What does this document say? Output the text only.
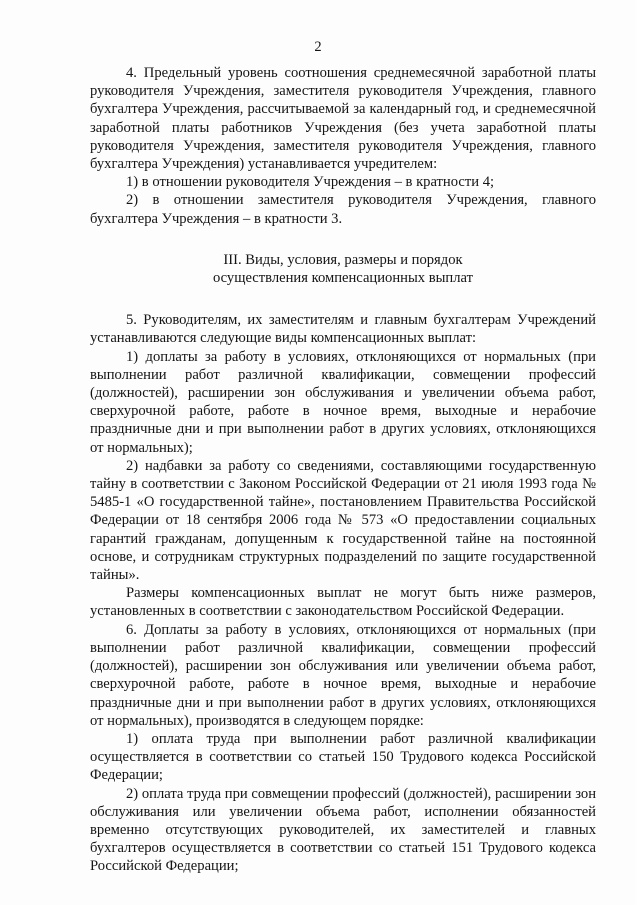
2

4. Предельный уровень соотношения среднемесячной заработной платы руководителя Учреждения, заместителя руководителя Учреждения, главного бухгалтера Учреждения, рассчитываемой за календарный год, и среднемесячной заработной платы работников Учреждения (без учета заработной платы руководителя Учреждения, заместителя руководителя Учреждения, главного бухгалтера Учреждения) устанавливается учредителем:

1) в отношении руководителя Учреждения – в кратности 4;

2) в отношении заместителя руководителя Учреждения, главного бухгалтера Учреждения – в кратности 3.

III. Виды, условия, размеры и порядок
осуществления компенсационных выплат

5. Руководителям, их заместителям и главным бухгалтерам Учреждений устанавливаются следующие виды компенсационных выплат:

1) доплаты за работу в условиях, отклоняющихся от нормальных (при выполнении работ различной квалификации, совмещении профессий (должностей), расширении зон обслуживания и увеличении объема работ, сверхурочной работе, работе в ночное время, выходные и нерабочие праздничные дни и при выполнении работ в других условиях, отклоняющихся от нормальных);

2) надбавки за работу со сведениями, составляющими государственную тайну в соответствии с Законом Российской Федерации от 21 июля 1993 года № 5485-1 «О государственной тайне», постановлением Правительства Российской Федерации от 18 сентября 2006 года № 573 «О предоставлении социальных гарантий гражданам, допущенным к государственной тайне на постоянной основе, и сотрудникам структурных подразделений по защите государственной тайны».

Размеры компенсационных выплат не могут быть ниже размеров, установленных в соответствии с законодательством Российской Федерации.

6. Доплаты за работу в условиях, отклоняющихся от нормальных (при выполнении работ различной квалификации, совмещении профессий (должностей), расширении зон обслуживания или увеличении объема работ, сверхурочной работе, работе в ночное время, выходные и нерабочие праздничные дни и при выполнении работ в других условиях, отклоняющихся от нормальных), производятся в следующем порядке:

1) оплата труда при выполнении работ различной квалификации осуществляется в соответствии со статьей 150 Трудового кодекса Российской Федерации;

2) оплата труда при совмещении профессий (должностей), расширении зон обслуживания или увеличении объема работ, исполнении обязанностей временно отсутствующих руководителей, их заместителей и главных бухгалтеров осуществляется в соответствии со статьей 151 Трудового кодекса Российской Федерации;
